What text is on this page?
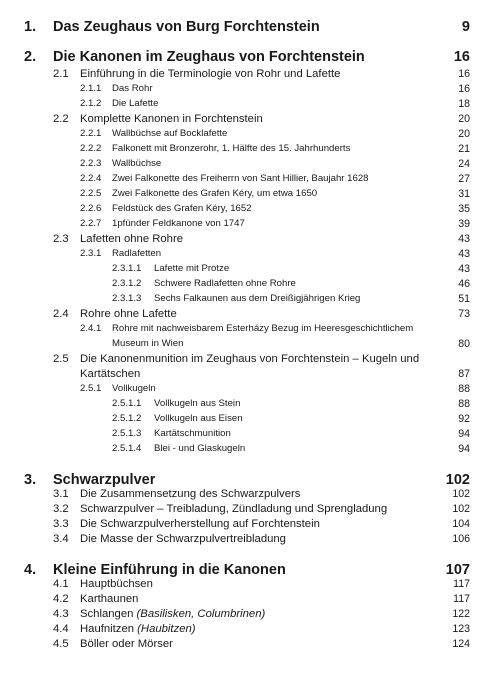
1. Das Zeughaus von Burg Forchtenstein	9
2. Die Kanonen im Zeughaus von Forchtenstein	16
2.1 Einführung in die Terminologie von Rohr und Lafette	16
2.1.1 Das Rohr	16
2.1.2 Die Lafette	18
2.2 Komplette Kanonen in Forchtenstein	20
2.2.1 Wallbüchse auf Bocklafette	20
2.2.2 Falkonett mit Bronzerohr, 1. Hälfte des 15. Jahrhunderts	21
2.2.3 Wallbüchse	24
2.2.4 Zwei Falkonette des Freiherrn von Sant Hillier, Baujahr 1628	27
2.2.5 Zwei Falkonette des Grafen Kéry, um etwa 1650	31
2.2.6 Feldstück des Grafen Kéry, 1652	35
2.2.7 1pfünder Feldkanone von 1747	39
2.3 Lafetten ohne Rohre	43
2.3.1 Radlafetten	43
2.3.1.1 Lafette mit Protze	43
2.3.1.2 Schwere Radlafetten ohne Rohre	46
2.3.1.3 Sechs Falkaunen aus dem Dreißigjährigen Krieg	51
2.4 Rohre ohne Lafette	73
2.4.1 Rohre mit nachweisbarem Esterházy Bezug im Heeresgeschichtlichem
Museum in Wien	80
2.5 Die Kanonenmunition im Zeughaus von Forchtenstein – Kugeln und
Kartätschen	87
2.5.1 Vollkugeln	88
2.5.1.1 Vollkugeln aus Stein	88
2.5.1.2 Vollkugeln aus Eisen	92
2.5.1.3 Kartätschmunition	94
2.5.1.4 Blei - und Glaskugeln	94
3. Schwarzpulver	102
3.1 Die Zusammensetzung des Schwarzpulvers	102
3.2 Schwarzpulver – Treibladung, Zündladung und Sprengladung	102
3.3 Die Schwarzpulverherstellung auf Forchtenstein	104
3.4 Die Masse der Schwarzpulvertreibladung	106
4. Kleine Einführung in die Kanonen	107
4.1 Hauptbüchsen	117
4.2 Karthaunen	117
4.3 Schlangen (Basilisken, Columbrinen)	122
4.4 Haufnitzen (Haubitzen)	123
4.5 Böller oder Mörser	124
